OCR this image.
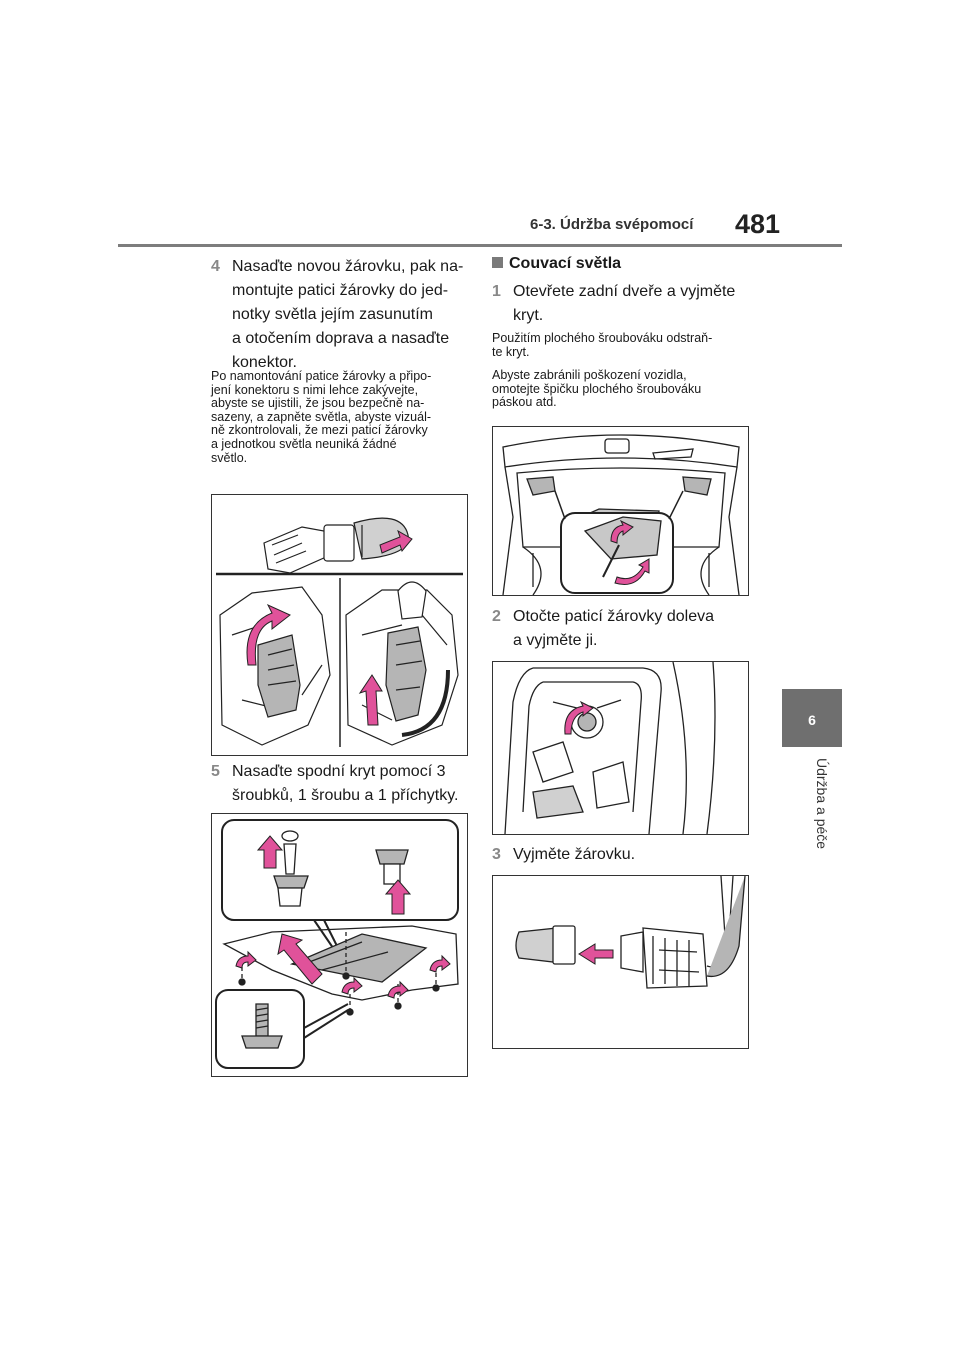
6-3. Údržba svépomocí 481
6
Údržba a péče
4 Nasaďte novou žárovku, pak na-
montujte patici žárovky do jed-
notky světla jejím zasunutím
a otočením doprava a nasaďte
konektor.
Po namontování patice žárovky a připo-
jení konektoru s nimi lehce zakývejte,
abyste se ujistili, že jsou bezpečně na-
sazeny, a zapněte světla, abyste vizuál-
ně zkontrolovali, že mezi paticí žárovky
a jednotkou světla neuniká žádné
světlo.
5 Nasaďte spodní kryt pomocí 3
šroubků, 1 šroubu a 1 příchytky.
Couvací světla
1 Otevřete zadní dveře a vyjměte
kryt.
Použitím plochého šroubováku odstraň-
te kryt.
Abyste zabránili poškození vozidla,
omotejte špičku plochého šroubováku
páskou atd.
2 Otočte paticí žárovky doleva
a vyjměte ji.
3 Vyjměte žárovku.
